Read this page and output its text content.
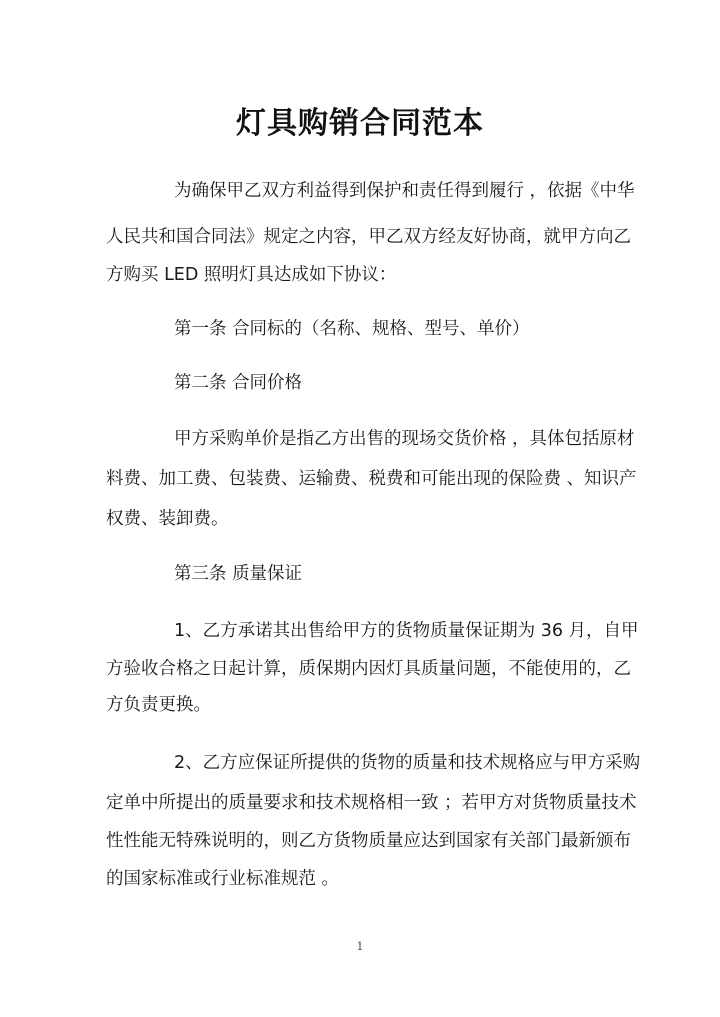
灯具购销合同范本
为确保甲乙双方利益得到保护和责任得到履行 ，依据《中华
人民共和国合同法》规定之内容，甲乙双方经友好协商，就甲方向乙
方购买 LED 照明灯具达成如下协议：
第一条 合同标的（名称、规格、型号、单价）
第二条 合同价格
甲方采购单价是指乙方出售的现场交货价格 ，具体包括原材
料费、加工费、包装费、运输费、税费和可能出现的保险费 、知识产
权费、装卸费。
第三条 质量保证
1、乙方承诺其出售给甲方的货物质量保证期为 36 月，自甲
方验收合格之日起计算，质保期内因灯具质量问题，不能使用的，乙
方负责更换。
2、乙方应保证所提供的货物的质量和技术规格应与甲方采购
定单中所提出的质量要求和技术规格相一致 ；若甲方对货物质量技术
性性能无特殊说明的，则乙方货物质量应达到国家有关部门最新颁布
的国家标准或行业标准规范 。
1
